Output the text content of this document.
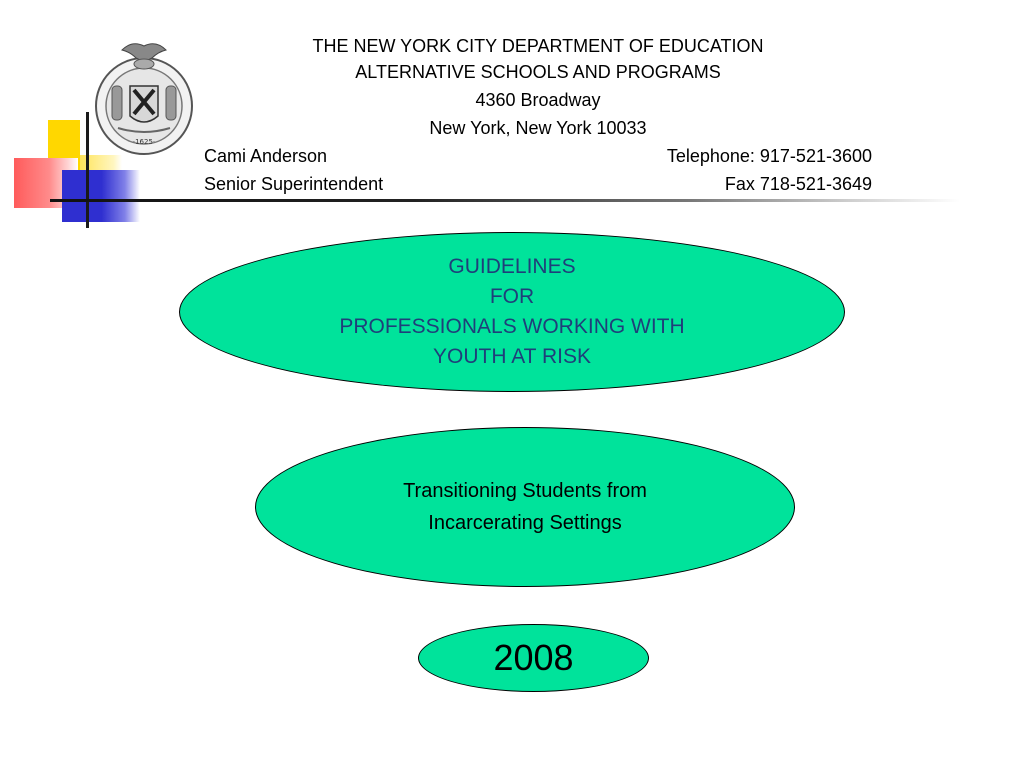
·1625·
THE NEW YORK CITY DEPARTMENT OF EDUCATION
ALTERNATIVE SCHOOLS AND PROGRAMS
4360 Broadway
New York, New York 10033
Cami Anderson
Senior Superintendent
Telephone: 917-521-3600
Fax 718-521-3649
GUIDELINES
FOR
PROFESSIONALS WORKING WITH
YOUTH AT RISK
Transitioning Students from
Incarcerating Settings
2008
